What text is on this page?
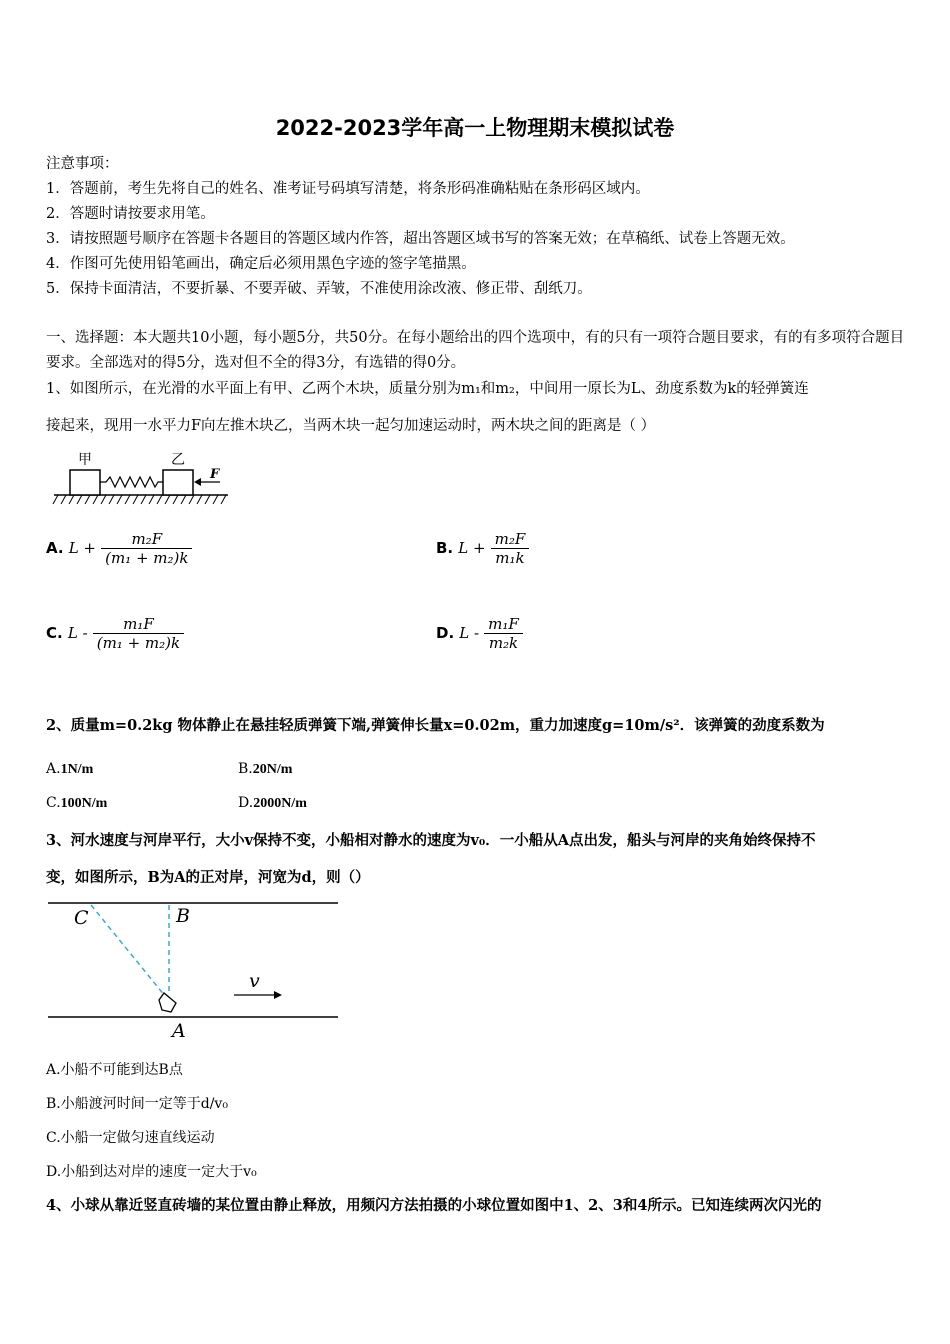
2022-2023学年高一上物理期末模拟试卷
注意事项：
1．答题前，考生先将自己的姓名、准考证号码填写清楚，将条形码准确粘贴在条形码区域内。
2．答题时请按要求用笔。
3．请按照题号顺序在答题卡各题目的答题区域内作答，超出答题区域书写的答案无效；在草稿纸、试卷上答题无效。
4．作图可先使用铅笔画出，确定后必须用黑色字迹的签字笔描黑。
5．保持卡面清洁，不要折暴、不要弄破、弄皱，不准使用涂改液、修正带、刮纸刀。
一、选择题：本大题共10小题，每小题5分，共50分。在每小题给出的四个选项中，有的只有一项符合题目要求，有的有多项符合题目要求。全部选对的得5分，选对但不全的得3分，有选错的得0分。
1、如图所示，在光滑的水平面上有甲、乙两个木块，质量分别为m₁和m₂，中间用一原长为L、劲度系数为k的轻弹簧连
接起来，现用一水平力F向左推木块乙，当两木块一起匀加速运动时，两木块之间的距离是（ ）
甲	乙
F
A. $L + \frac{\text{m₂F}}{\text{(m₁ + m₂)k}}$	B. $L + \frac{\text{m₂F}}{\text{m₁k}}$
C. L - $\frac{\text{m₁F}}{\text{(m₁ + m₂)k}}$	D. L - $\frac{\text{m₁F}}{\text{m₂k}}$
2、质量m=0.2kg 物体静止在悬挂轻质弹簧下端,弹簧伸长量x=0.02m，重力加速度g=10m/s²．该弹簧的劲度系数为
A.1N/m	B.20N/m
C.100N/m	D.2000N/m
3、河水速度与河岸平行，大小v保持不变，小船相对静水的速度为v₀．一小船从A点出发，船头与河岸的夹角始终保持不
变，如图所示，B为A的正对岸，河宽为d，则（）
C	B
v
A
A.小船不可能到达B点
B.小船渡河时间一定等于d/v₀
C.小船一定做匀速直线运动
D.小船到达对岸的速度一定大于v₀
4、小球从靠近竖直砖墙的某位置由静止释放，用频闪方法拍摄的小球位置如图中1、2、3和4所示。已知连续两次闪光的
